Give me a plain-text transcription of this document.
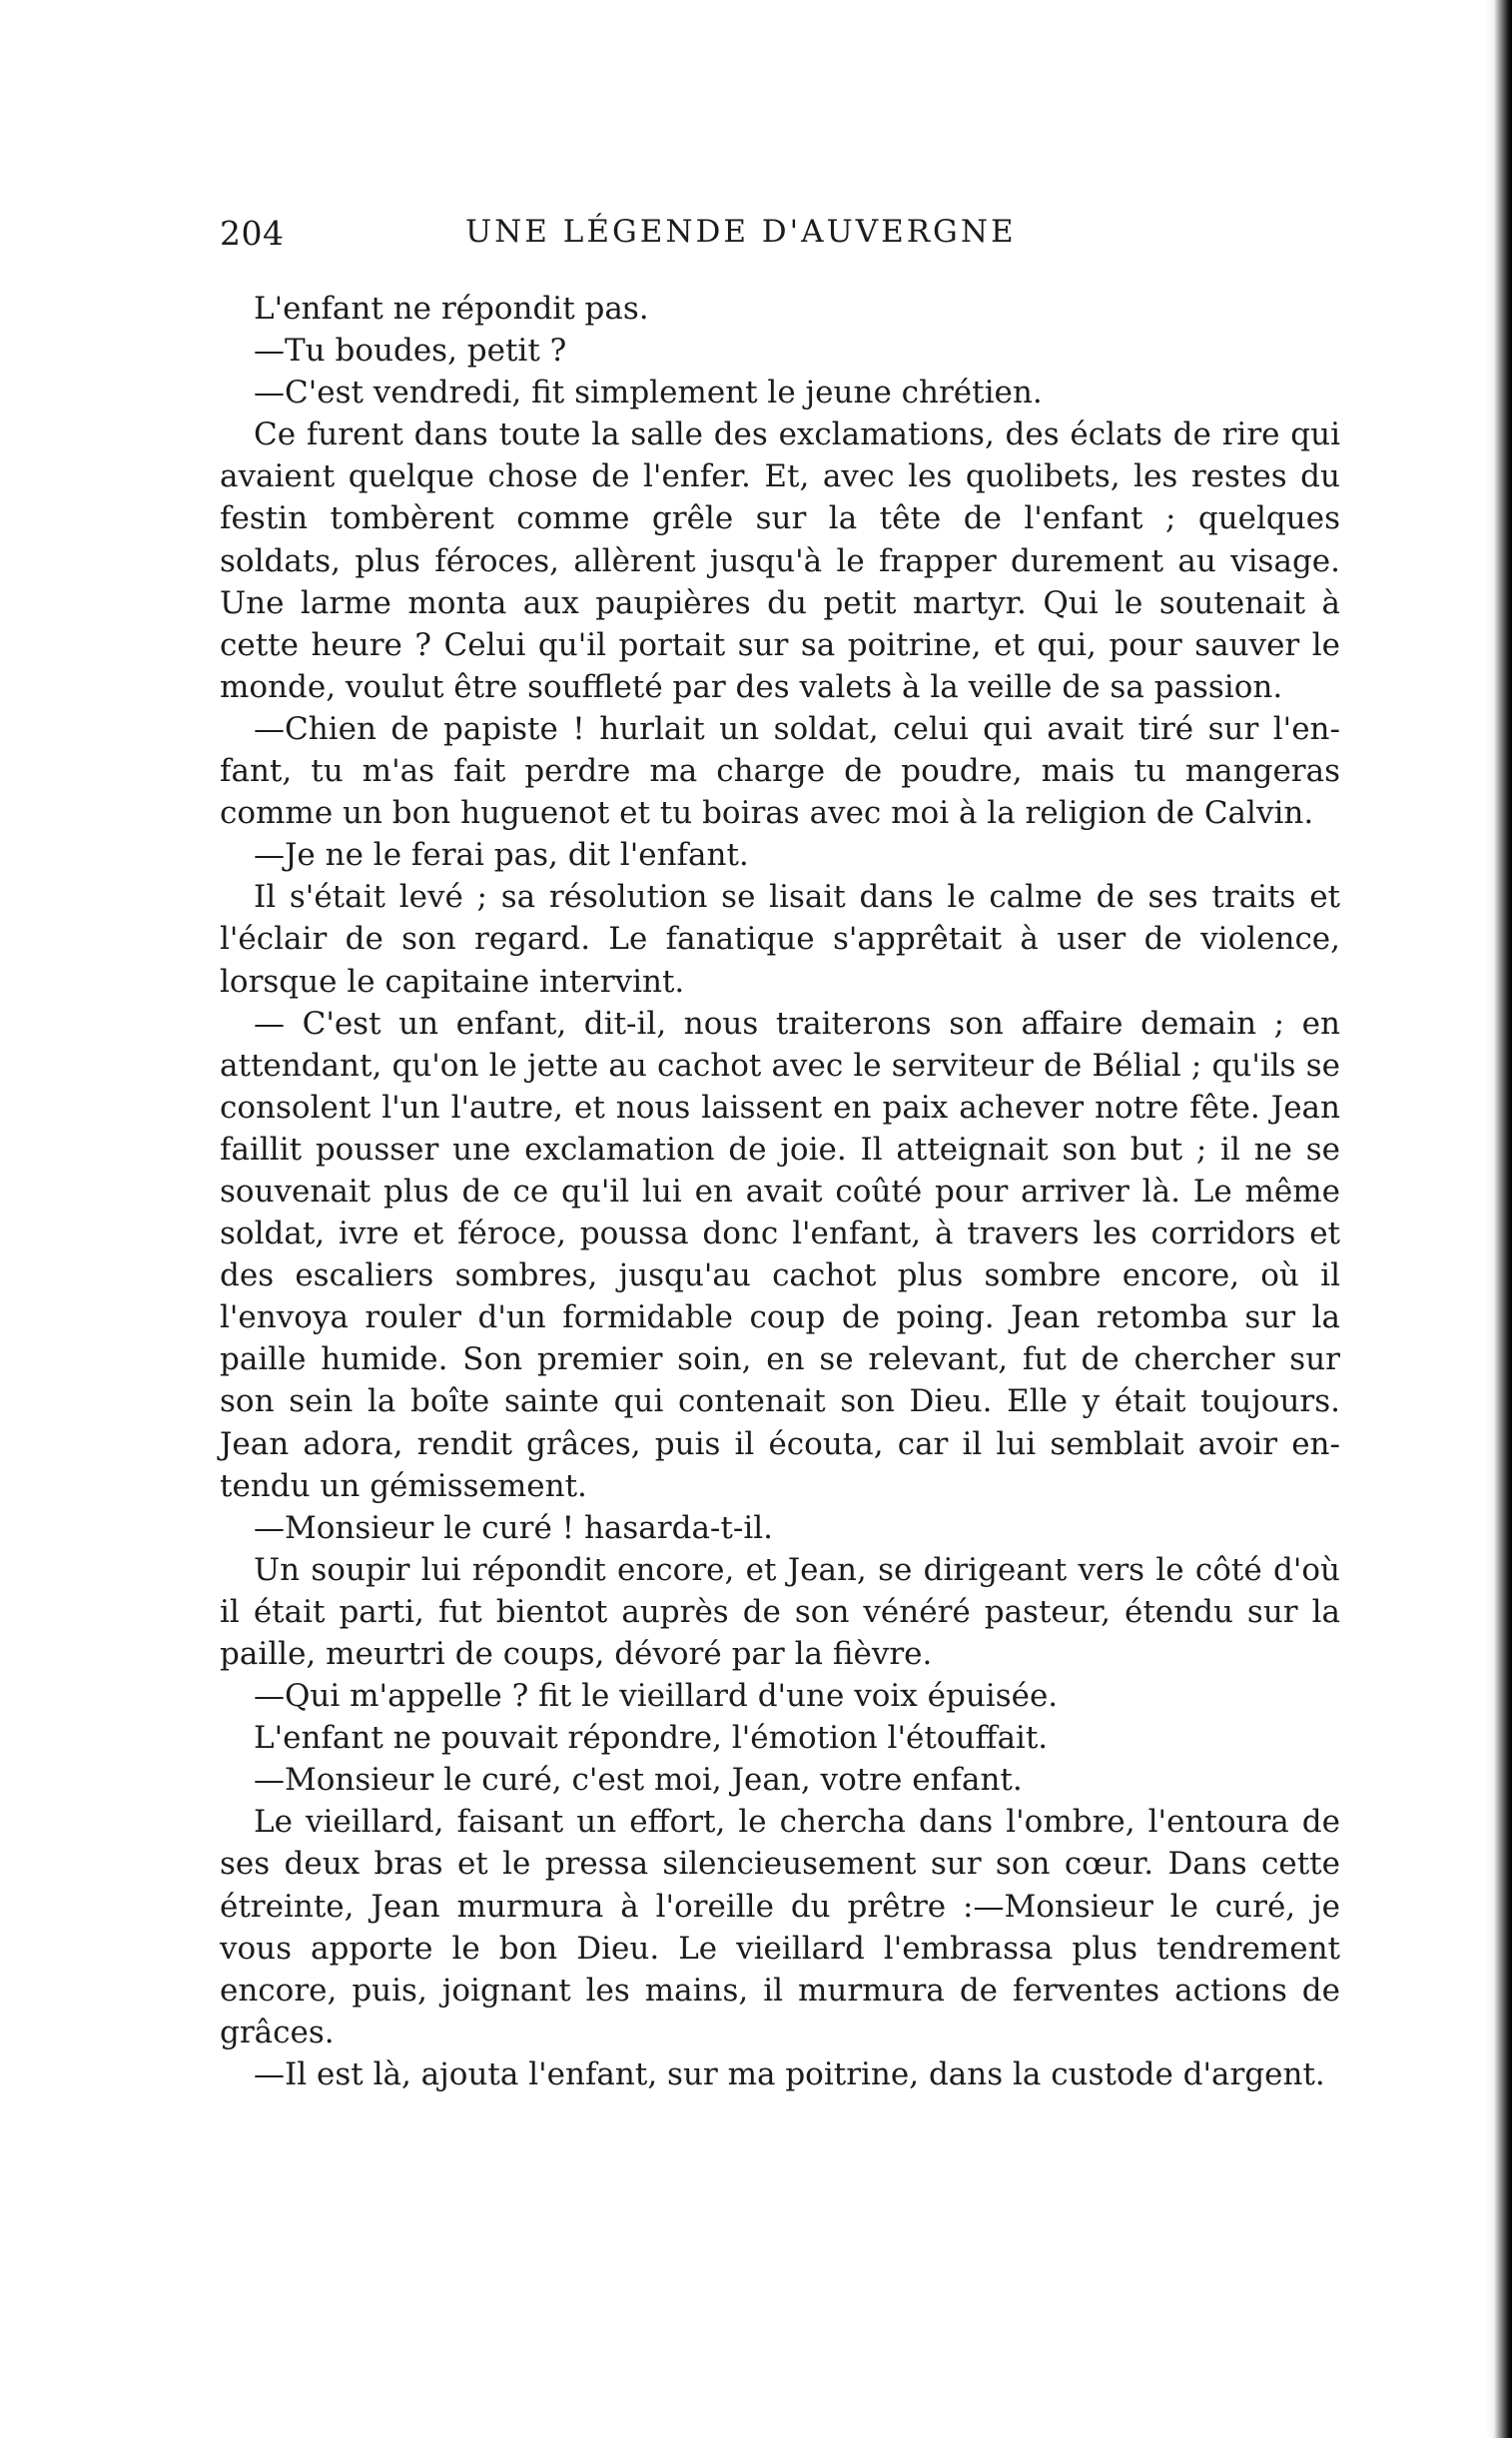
204	UNE LÉGENDE D'AUVERGNE

L'enfant ne répondit pas.

—Tu boudes, petit ?

—C'est vendredi, fit simplement le jeune chrétien.

Ce furent dans toute la salle des exclamations, des éclats de rire qui avaient quelque chose de l'enfer. Et, avec les quolibets, les restes du festin tombèrent comme grêle sur la tête de l'enfant ; quelques soldats, plus féroces, allèrent jusqu'à le frapper durement au visage. Une larme monta aux paupières du petit martyr. Qui le soutenait à cette heure ? Celui qu'il portait sur sa poitrine, et qui, pour sauver le monde, voulut être souffleté par des valets à la veille de sa passion.

—Chien de papiste ! hurlait un soldat, celui qui avait tiré sur l'enfant, tu m'as fait perdre ma charge de poudre, mais tu mangeras comme un bon huguenot et tu boiras avec moi à la religion de Calvin.

—Je ne le ferai pas, dit l'enfant.

Il s'était levé ; sa résolution se lisait dans le calme de ses traits et l'éclair de son regard. Le fanatique s'apprêtait à user de violence, lorsque le capitaine intervint.

— C'est un enfant, dit-il, nous traiterons son affaire demain ; en attendant, qu'on le jette au cachot avec le serviteur de Bélial ; qu'ils se consolent l'un l'autre, et nous laissent en paix achever notre fête. Jean faillit pousser une exclamation de joie. Il atteignait son but ; il ne se souvenait plus de ce qu'il lui en avait coûté pour arriver là. Le même soldat, ivre et féroce, poussa donc l'enfant, à travers les corridors et des escaliers sombres, jusqu'au cachot plus sombre encore, où il l'envoya rouler d'un formidable coup de poing. Jean retomba sur la paille humide. Son premier soin, en se relevant, fut de chercher sur son sein la boîte sainte qui contenait son Dieu. Elle y était toujours. Jean adora, rendit grâces, puis il écouta, car il lui semblait avoir entendu un gémissement.

—Monsieur le curé ! hasarda-t-il.

Un soupir lui répondit encore, et Jean, se dirigeant vers le côté d'où il était parti, fut bientot auprès de son vénéré pasteur, étendu sur la paille, meurtri de coups, dévoré par la fièvre.

—Qui m'appelle ? fit le vieillard d'une voix épuisée.

L'enfant ne pouvait répondre, l'émotion l'étouffait.

—Monsieur le curé, c'est moi, Jean, votre enfant.

Le vieillard, faisant un effort, le chercha dans l'ombre, l'entoura de ses deux bras et le pressa silencieusement sur son cœur. Dans cette étreinte, Jean murmura à l'oreille du prêtre :—Monsieur le curé, je vous apporte le bon Dieu. Le vieillard l'embrassa plus tendrement encore, puis, joignant les mains, il murmura de ferventes actions de grâces.

—Il est là, ajouta l'enfant, sur ma poitrine, dans la custode d'argent.
